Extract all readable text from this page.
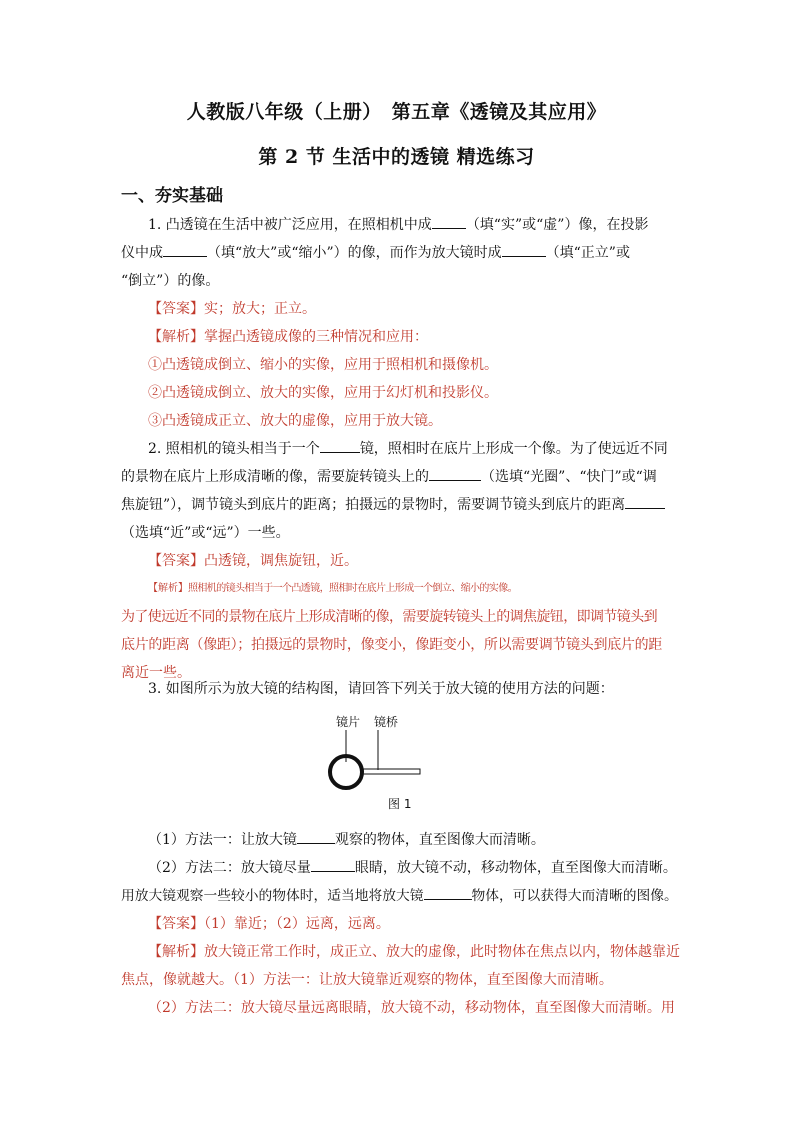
人教版八年级（上册）　第五章《透镜及其应用》
第 2 节 生活中的透镜 精选练习
一、夯实基础
1. 凸透镜在生活中被广泛应用，在照相机中成 （填“实”或“虚”）像，在投影
仪中成	（填“放大”或“缩小”）的像，而作为放大镜时成	（填“正立”或
“倒立”）的像。
【答案】实；放大；正立。
【解析】掌握凸透镜成像的三种情况和应用：
①凸透镜成倒立、缩小的实像，应用于照相机和摄像机。
②凸透镜成倒立、放大的实像，应用于幻灯机和投影仪。
③凸透镜成正立、放大的虚像，应用于放大镜。
2. 照相机的镜头相当于一个	镜，照相时在底片上形成一个像。为了使远近不同
的景物在底片上形成清晰的像，需要旋转镜头上的	（选填“光圈”、“快门”或“调
焦旋钮”），调节镜头到底片的距离；拍摄远的景物时，需要调节镜头到底片的距离
（选填“近”或“远”）一些。
【答案】凸透镜，调焦旋钮，近。
【解析】照相机的镜头相当于一个凸透镜，照相时在底片上形成一个倒立、缩小的实像。
为了使远近不同的景物在底片上形成清晰的像，需要旋转镜头上的调焦旋钮，即调节镜头到
底片的距离（像距）；拍摄远的景物时，像变小，像距变小，所以需要调节镜头到底片的距
离近一些。
3. 如图所示为放大镜的结构图，请回答下列关于放大镜的使用方法的问题：
镜片 镜桥
图 1
（1）方法一：让放大镜	观察的物体，直至图像大而清晰。
（2）方法二：放大镜尽量	眼睛，放大镜不动，移动物体，直至图像大而清晰。
用放大镜观察一些较小的物体时，适当地将放大镜	物体，可以获得大而清晰的图像。
【答案】（1）靠近；（2）远离，远离。
【解析】放大镜正常工作时，成正立、放大的虚像，此时物体在焦点以内，物体越靠近
焦点，像就越大。（1）方法一：让放大镜靠近观察的物体，直至图像大而清晰。
（2）方法二：放大镜尽量远离眼睛，放大镜不动，移动物体，直至图像大而清晰。用
